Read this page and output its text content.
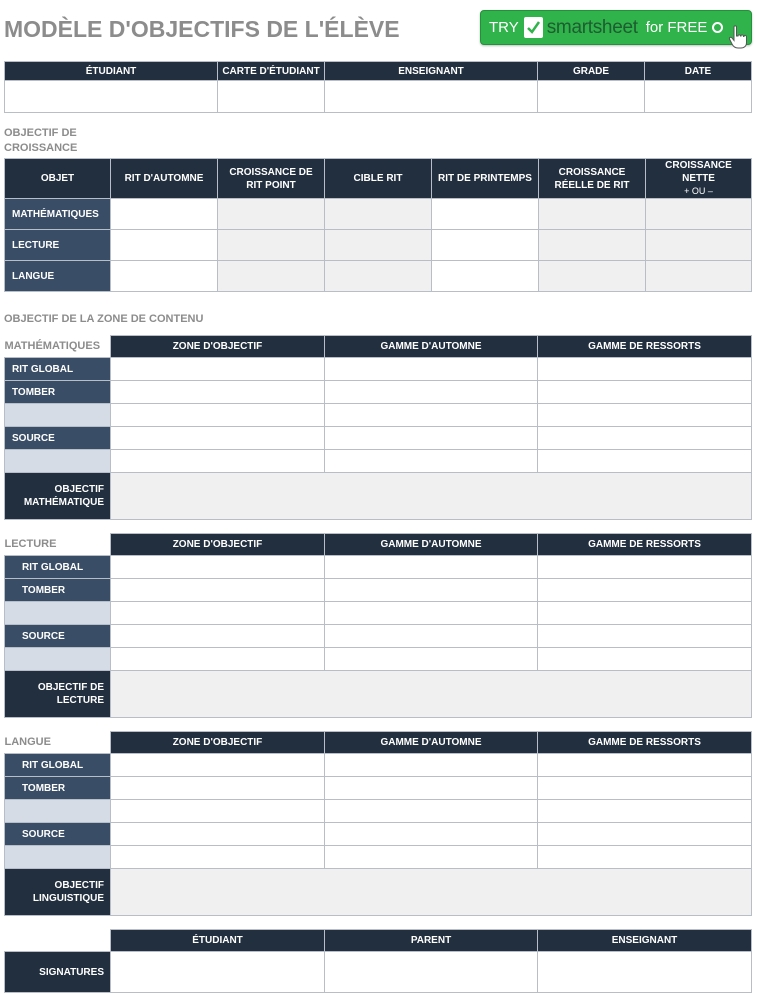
MODÈLE D'OBJECTIFS DE L'ÉLÈVE	TRY smartsheet for FREE
ÉTUDIANT	CARTE D'ÉTUDIANT	ENSEIGNANT	GRADE	DATE

OBJECTIF DE
CROISSANCE
OBJET	RIT D'AUTOMNE	CROISSANCE DE RIT POINT	CIBLE RIT	RIT DE PRINTEMPS	CROISSANCE RÉELLE DE RIT	CROISSANCE NETTE
+ OU –

MATHÉMATIQUES						
LECTURE						
LANGUE						
OBJECTIF DE LA ZONE DE CONTENU
MATHÉMATIQUES	ZONE D'OBJECTIF	GAMME D'AUTOMNE	GAMME DE RESSORTS
RIT GLOBAL			
TOMBER			

SOURCE			

OBJECTIF MATHÉMATIQUE			
LECTURE	ZONE D'OBJECTIF	GAMME D'AUTOMNE	GAMME DE RESSORTS
RIT GLOBAL			
TOMBER			

SOURCE			

OBJECTIF DE LECTURE			
LANGUE	ZONE D'OBJECTIF	GAMME D'AUTOMNE	GAMME DE RESSORTS
RIT GLOBAL			
TOMBER			

SOURCE			

OBJECTIF LINGUISTIQUE			
	ÉTUDIANT	PARENT	ENSEIGNANT
SIGNATURES			
